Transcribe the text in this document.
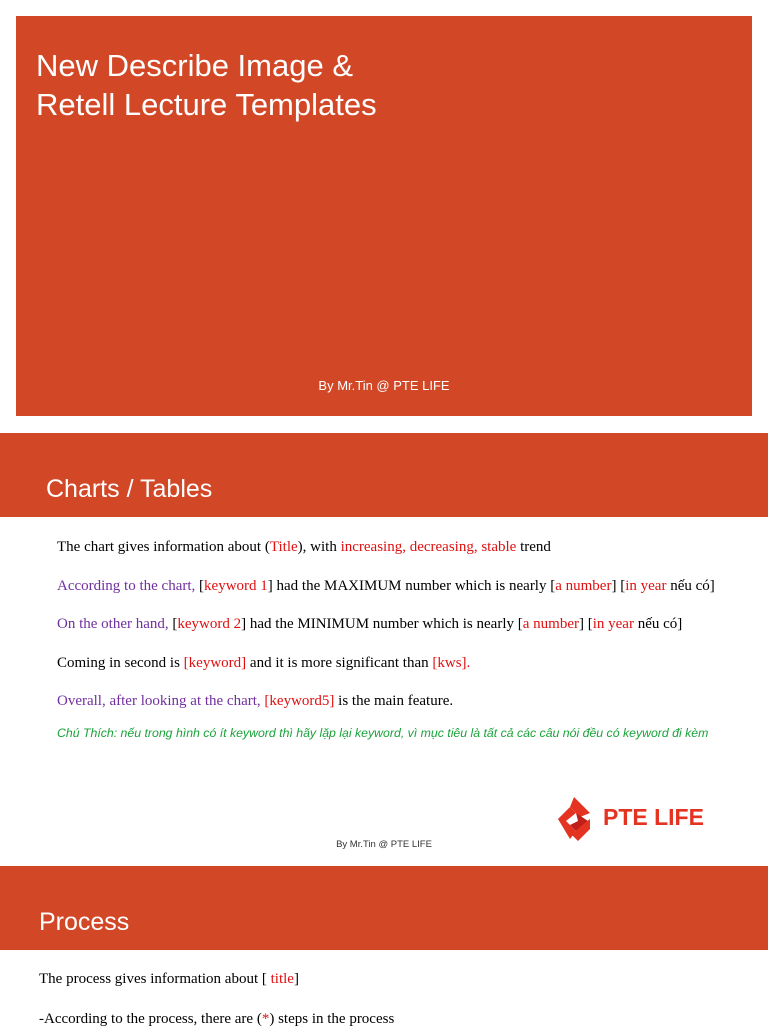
New Describe Image &
Retell Lecture Templates
By Mr.Tin @ PTE LIFE
Charts / Tables
The chart gives information about (Title), with increasing, decreasing, stable trend
According to the chart, [keyword 1] had the MAXIMUM number which is nearly [a number] [in year nếu có]
On the other hand, [keyword 2] had the MINIMUM number which is nearly [a number] [in year nếu có]
Coming in second is [keyword] and it is more significant than [kws].
Overall, after looking at the chart, [keyword5] is the main feature.
Chú Thích: nếu trong hình có ít keyword thì hãy lặp lại keyword, vì mục tiêu là tất cả các câu nói đều có keyword đi kèm
PTE LIFE
By Mr.Tin @ PTE LIFE
Process
The process gives information about [ title]
-According to the process, there are (*) steps in the process
